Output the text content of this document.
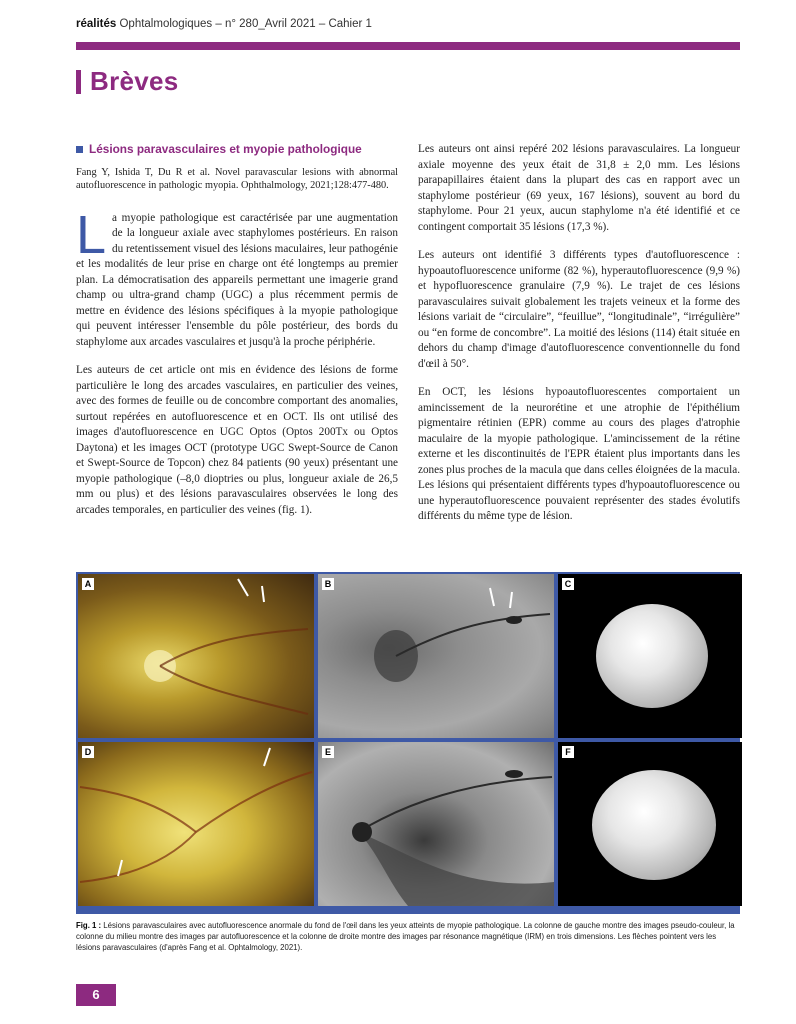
réalités Ophtalmologiques – n° 280_Avril 2021 – Cahier 1
Brèves
Lésions paravasculaires et myopie pathologique

Fang Y, Ishida T, Du R et al. Novel paravascular lesions with abnormal autofluorescence in pathologic myopia. Ophthalmology, 2021;128:477-480.

L a myopie pathologique est caractérisée par une augmentation de la longueur axiale avec staphylomes postérieurs. En raison du retentissement visuel des lésions maculaires, leur pathogénie et les modalités de leur prise en charge ont été longtemps au premier plan. La démocratisation des appareils permettant une imagerie grand champ ou ultra-grand champ (UGC) a plus récemment permis de mettre en évidence des lésions spécifiques à la myopie pathologique qui peuvent intéresser l'ensemble du pôle postérieur, des bords du staphylome aux arcades vasculaires et jusqu'à la proche périphérie.

Les auteurs de cet article ont mis en évidence des lésions de forme particulière le long des arcades vasculaires, en particulier des veines, avec des formes de feuille ou de concombre comportant des anomalies, surtout repérées en autofluorescence et en OCT. Ils ont utilisé des images d'autofluorescence en UGC Optos (Optos 200Tx ou Optos Daytona) et les images OCT (prototype UGC Swept-Source de Canon et Swept-Source de Topcon) chez 84 patients (90 yeux) présentant une myopie pathologique (–8,0 dioptries ou plus, longueur axiale de 26,5 mm ou plus) et des lésions paravasculaires observées le long des arcades temporales, en particulier des veines (fig. 1).

Les auteurs ont ainsi repéré 202 lésions paravasculaires. La longueur axiale moyenne des yeux était de 31,8 ± 2,0 mm. Les lésions parapapillaires étaient dans la plupart des cas en rapport avec un staphylome postérieur (69 yeux, 167 lésions), souvent au bord du staphylome. Pour 21 yeux, aucun staphylome n'a été identifié et ce contingent comportait 35 lésions (17,3 %).

Les auteurs ont identifié 3 différents types d'autofluorescence : hypoautofluorescence uniforme (82 %), hyperautofluorescence (9,9 %) et hypofluorescence granulaire (7,9 %). Le trajet de ces lésions paravasculaires suivait globalement les trajets veineux et la forme des lésions variait de “circulaire”, “feuillue”, “longitudinale”, “irrégulière” ou “en forme de concombre”. La moitié des lésions (114) était située en dehors du champ d'image d'autofluorescence conventionnelle du fond d'œil à 50°.

En OCT, les lésions hypoautofluorescentes comportaient un amincissement de la neurorétine et une atrophie de l'épithélium pigmentaire rétinien (EPR) comme au cours des plages d'atrophie maculaire de la myopie pathologique. L'amincissement de la rétine externe et les discontinuités de l'EPR étaient plus importants dans les zones plus proches de la macula que dans celles éloignées de la macula. Les lésions qui présentaient différents types d'hypoautofluorescence ou une hyperautofluorescence pouvaient représenter des stades évolutifs différents du même type de lésion.

A	B	C
D	E	F
Fig. 1 : Lésions paravasculaires avec autofluorescence anormale du fond de l'œil dans les yeux atteints de myopie pathologique. La colonne de gauche montre des images pseudo-couleur, la colonne du milieu montre des images par autofluorescence et la colonne de droite montre des images par résonance magnétique (IRM) en trois dimensions. Les flèches pointent vers les lésions paravasculaires (d'après Fang et al. Ophtalmology, 2021).
6
